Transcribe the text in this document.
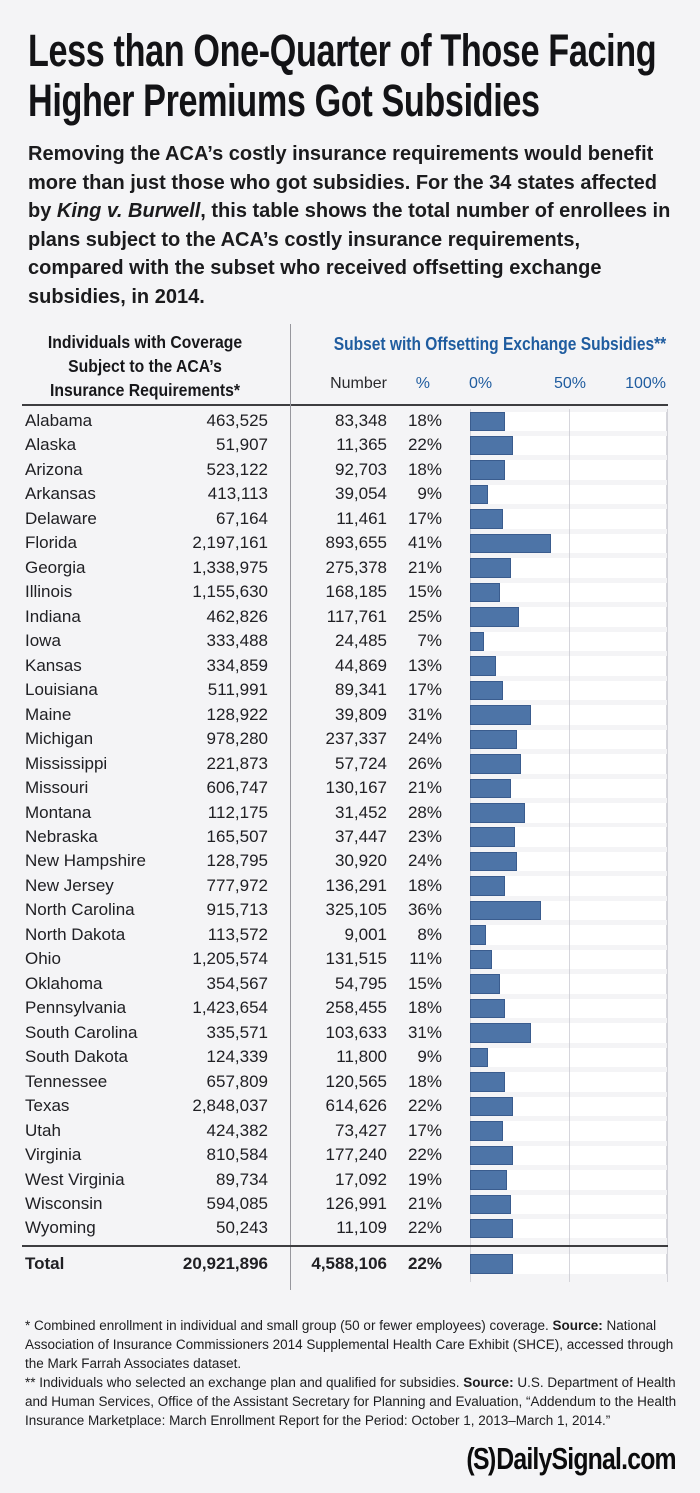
Less than One-Quarter of Those Facing
Higher Premiums Got Subsidies

Removing the ACA’s costly insurance requirements would benefit more than just those who got subsidies. For the 34 states affected by King v. Burwell, this table shows the total number of enrollees in plans subject to the ACA’s costly insurance requirements, compared with the subset who received offsetting exchange subsidies, in 2014.

Individuals with Coverage
Subject to the ACA’s
Insurance Requirements*
Subset with Offsetting Exchange Subsidies**
Number	% 0%	50%	100%
Alabama	463,525	83,348	18%
Alaska	51,907	11,365	22%
Arizona	523,122	92,703	18%
Arkansas	413,113	39,054	9%
Delaware	67,164	11,461	17%
Florida	2,197,161	893,655	41%
Georgia	1,338,975	275,378	21%
Illinois	1,155,630	168,185	15%
Indiana	462,826	117,761	25%
Iowa	333,488	24,485	7%
Kansas	334,859	44,869	13%
Louisiana	511,991	89,341	17%
Maine	128,922	39,809	31%
Michigan	978,280	237,337	24%
Mississippi	221,873	57,724	26%
Missouri	606,747	130,167	21%
Montana	112,175	31,452	28%
Nebraska	165,507	37,447	23%
New Hampshire	128,795	30,920	24%
New Jersey	777,972	136,291	18%
North Carolina	915,713	325,105	36%
North Dakota	113,572	9,001	8%
Ohio	1,205,574	131,515	11%
Oklahoma	354,567	54,795	15%
Pennsylvania	1,423,654	258,455	18%
South Carolina	335,571	103,633	31%
South Dakota	124,339	11,800	9%
Tennessee	657,809	120,565	18%
Texas	2,848,037	614,626	22%
Utah	424,382	73,427	17%
Virginia	810,584	177,240	22%
West Virginia	89,734	17,092	19%
Wisconsin	594,085	126,991	21%
Wyoming	50,243	11,109	22%
Total	20,921,896	4,588,106	22%

* Combined enrollment in individual and small group (50 or fewer employees) coverage. Source: National Association of Insurance Commissioners 2014 Supplemental Health Care Exhibit (SHCE), accessed through the Mark Farrah Associates dataset.

** Individuals who selected an exchange plan and qualified for subsidies. Source: U.S. Department of Health and Human Services, Office of the Assistant Secretary for Planning and Evaluation, “Addendum to the Health Insurance Marketplace: March Enrollment Report for the Period: October 1, 2013–March 1, 2014.”

(S)DailySignal.com
